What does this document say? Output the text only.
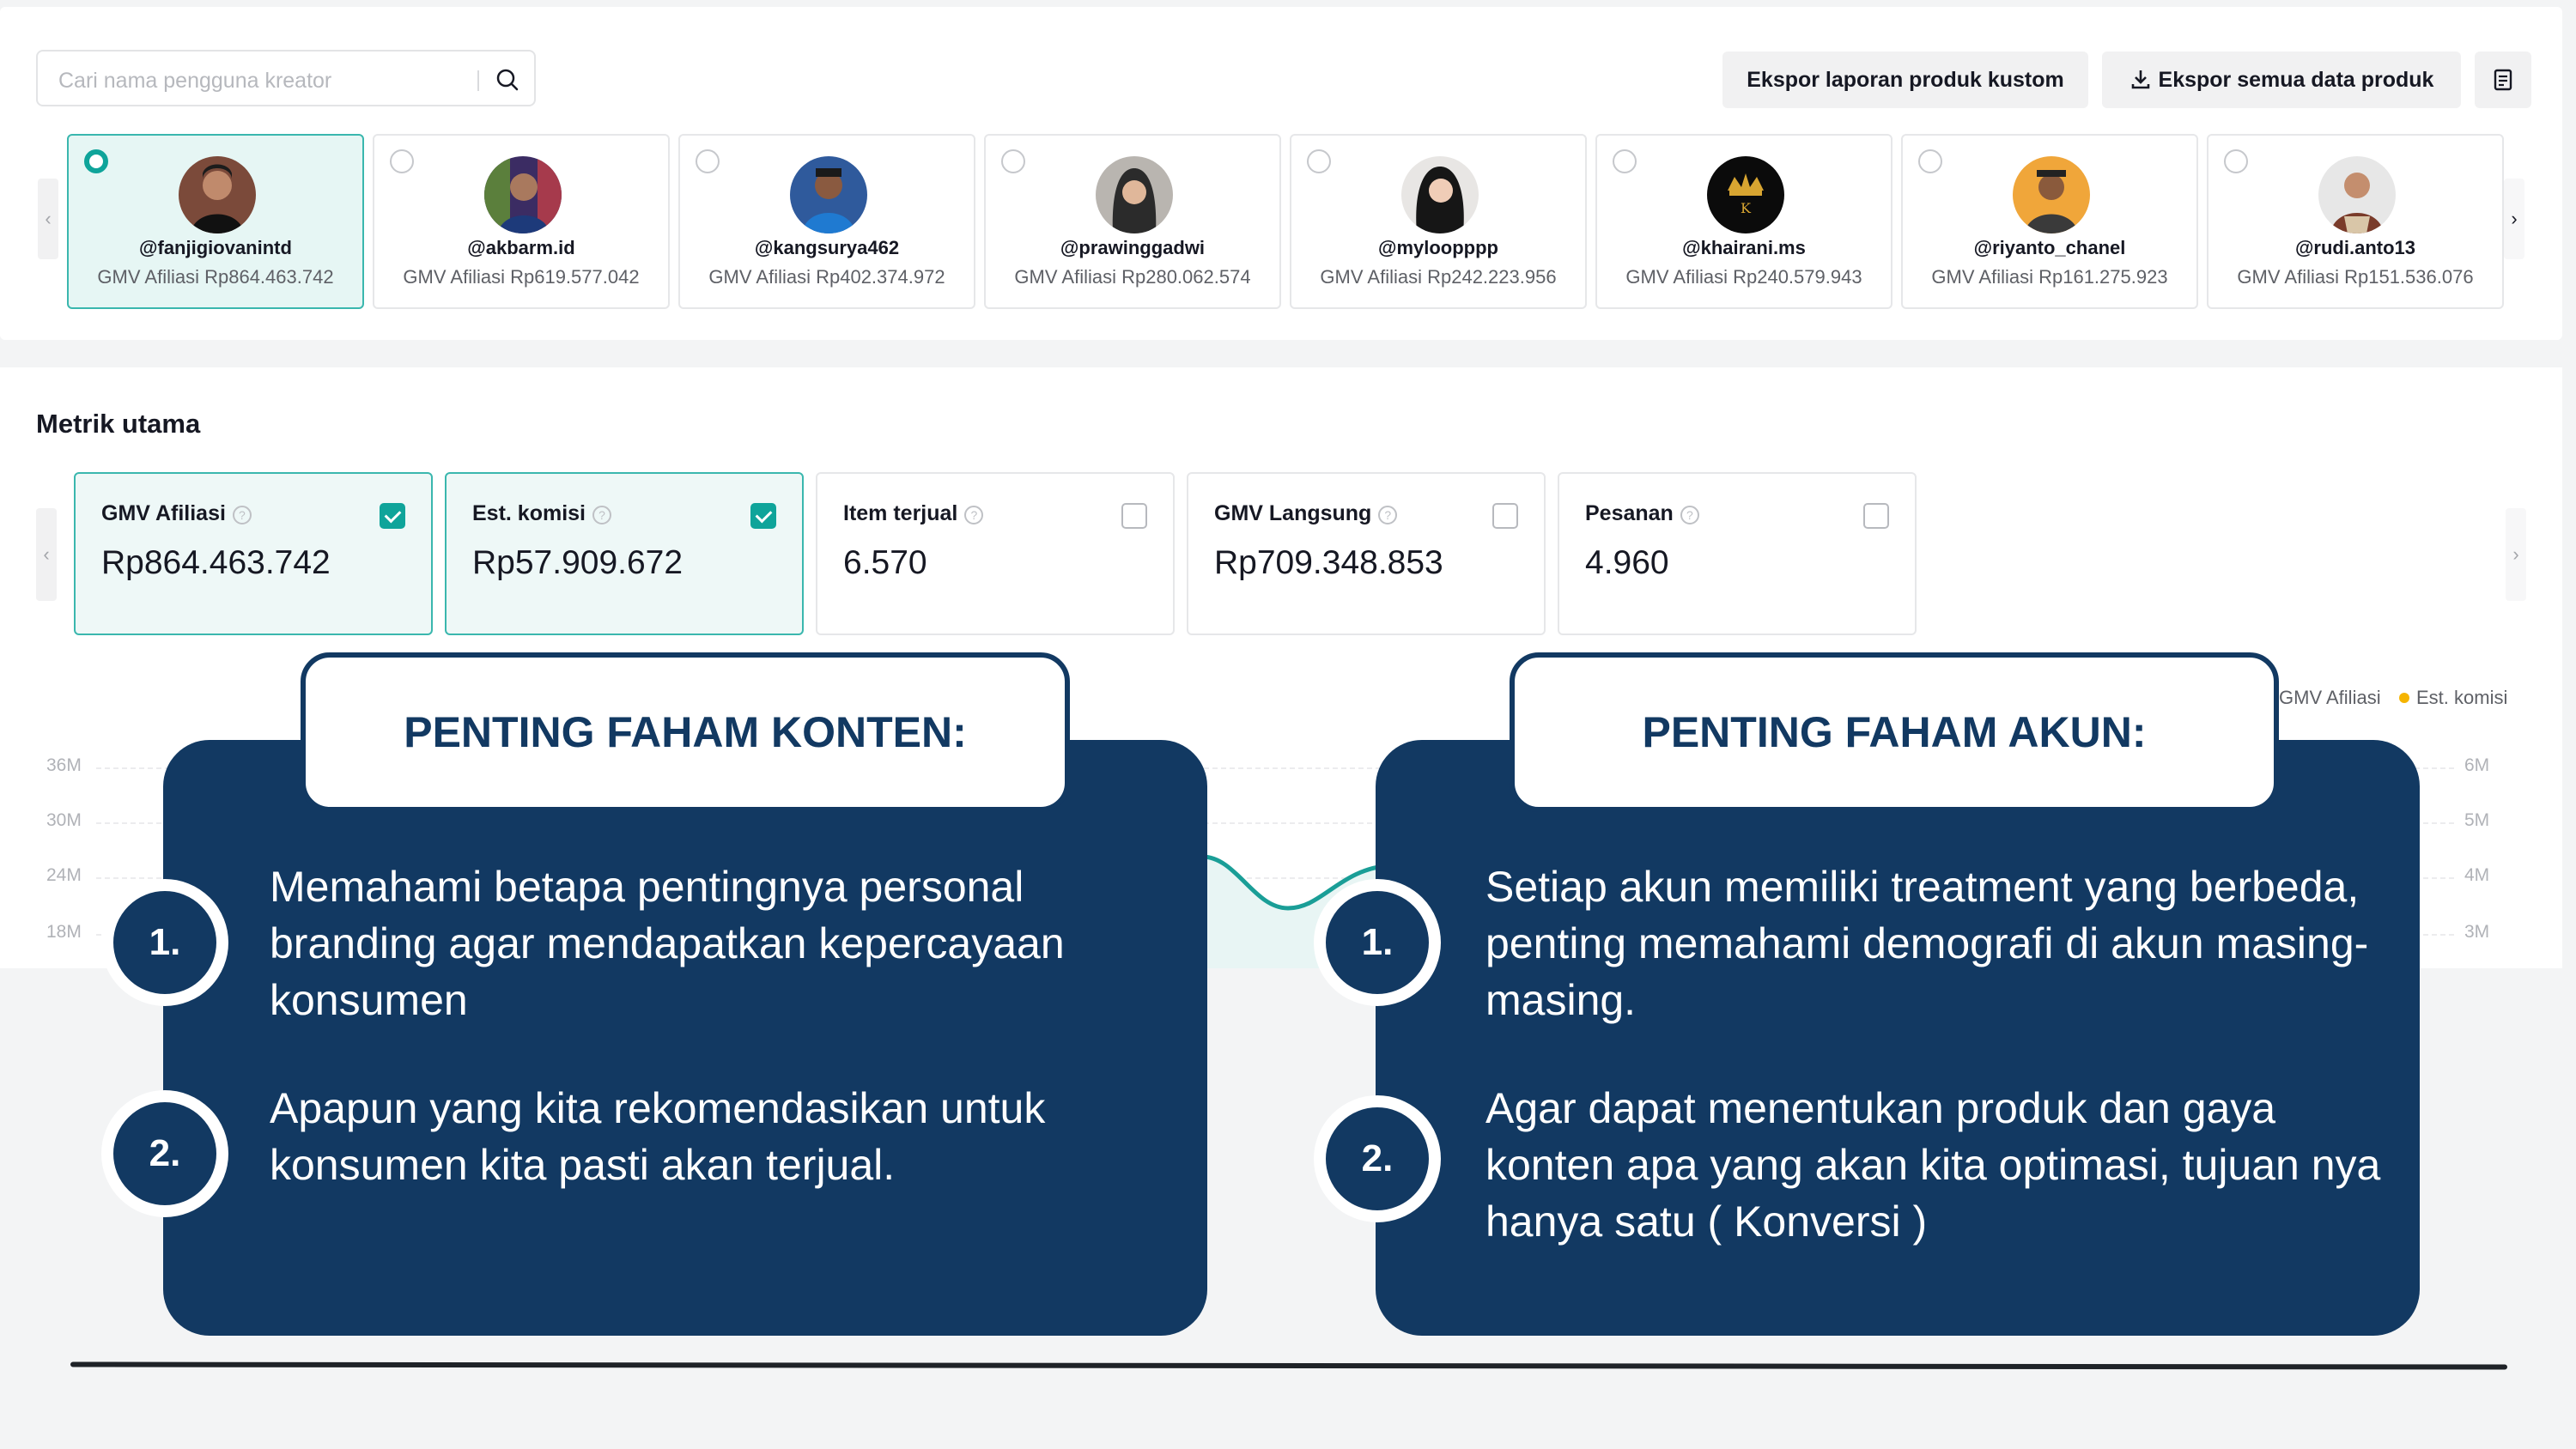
Cari nama pengguna kreator	Ekspor laporan produk kustom	Ekspor semua data produk
‹	›
@fanjigiovanintd
GMV Afiliasi Rp864.463.742
@akbarm.id
GMV Afiliasi Rp619.577.042
@kangsurya462
GMV Afiliasi Rp402.374.972
@prawinggadwi
GMV Afiliasi Rp280.062.574
@myloopppp
GMV Afiliasi Rp242.223.956
K
@khairani.ms
GMV Afiliasi Rp240.579.943
@riyanto_chanel
GMV Afiliasi Rp161.275.923
@rudi.anto13
GMV Afiliasi Rp151.536.076
Metrik utama
‹	›
GMV Afiliasi ?
Rp864.463.742
Est. komisi ?
Rp57.909.672
Item terjual ?
6.570
GMV Langsung ?
Rp709.348.853
Pesanan ?
4.960
GMV Afiliasi	Est. komisi
36M
30M
24M
18M
6M
5M
4M
3M
PENTING FAHAM KONTEN:
1.
Memahami betapa pentingnya personal branding agar mendapatkan kepercayaan konsumen
2.
Apapun yang kita rekomendasikan untuk konsumen kita pasti akan terjual.
PENTING FAHAM AKUN:
1.
Setiap akun memiliki treatment yang berbeda, penting memahami demografi di akun masing-masing.
2.
Agar dapat menentukan produk dan gaya konten apa yang akan kita optimasi, tujuan nya hanya satu ( Konversi )
